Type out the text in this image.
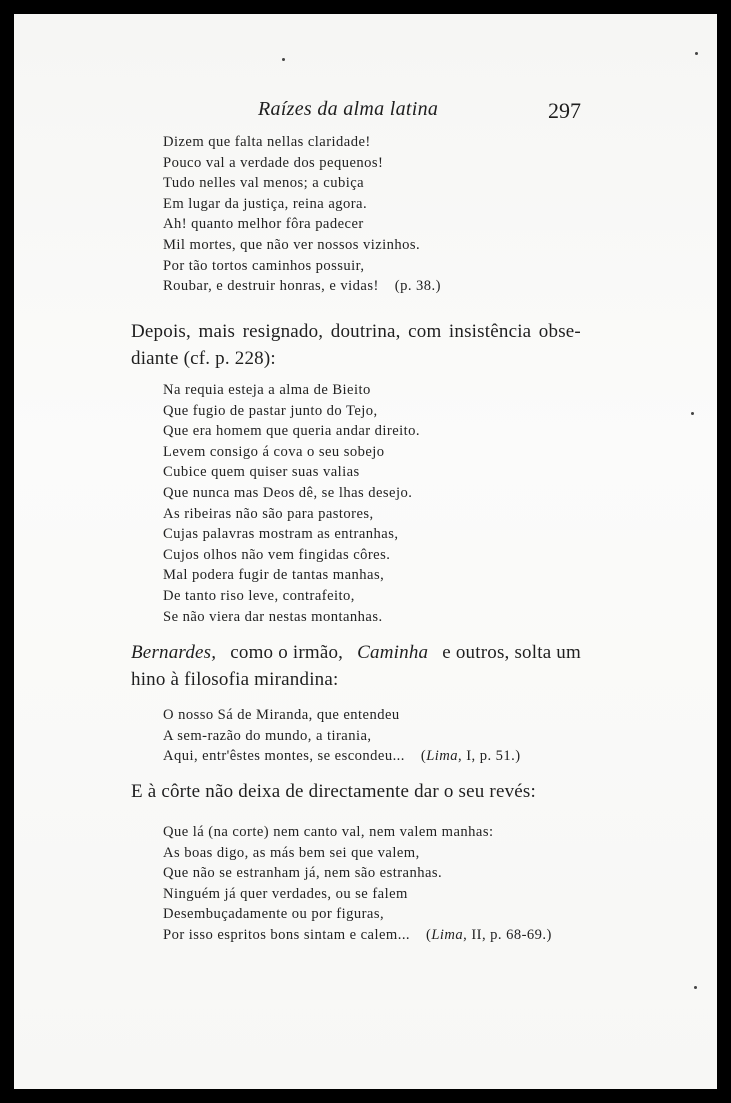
Raízes da alma latina	297
Dizem que falta nellas claridade!
Pouco val a verdade dos pequenos!
Tudo nelles val menos; a cubiça
Em lugar da justiça, reina agora.
Ah! quanto melhor fôra padecer
Mil mortes, que não ver nossos vizinhos.
Por tão tortos caminhos possuir,
Roubar, e destruir honras, e vidas! (p. 38.)
Depois, mais resignado, doutrina, com insistência obse-
diante (cf. p. 228):
Na requia esteja a alma de Bieito
Que fugio de pastar junto do Tejo,
Que era homem que queria andar direito.
Levem consigo á cova o seu sobejo
Cubice quem quiser suas valias
Que nunca mas Deos dê, se lhas desejo.
As ribeiras não são para pastores,
Cujas palavras mostram as entranhas,
Cujos olhos não vem fingidas côres.
Mal podera fugir de tantas manhas,
De tanto riso leve, contrafeito,
Se não viera dar nestas montanhas.
Bernardes, como o irmão, Caminha e outros, solta um
hino à filosofia mirandina:
O nosso Sá de Miranda, que entendeu
A sem-razão do mundo, a tirania,
Aqui, entr'êstes montes, se escondeu... (Lima, I, p. 51.)
E à côrte não deixa de directamente dar o seu revés:
Que lá (na corte) nem canto val, nem valem manhas:
As boas digo, as más bem sei que valem,
Que não se estranham já, nem são estranhas.
Ninguém já quer verdades, ou se falem
Desembuçadamente ou por figuras,
Por isso espritos bons sintam e calem... (Lima, II, p. 68-69.)
